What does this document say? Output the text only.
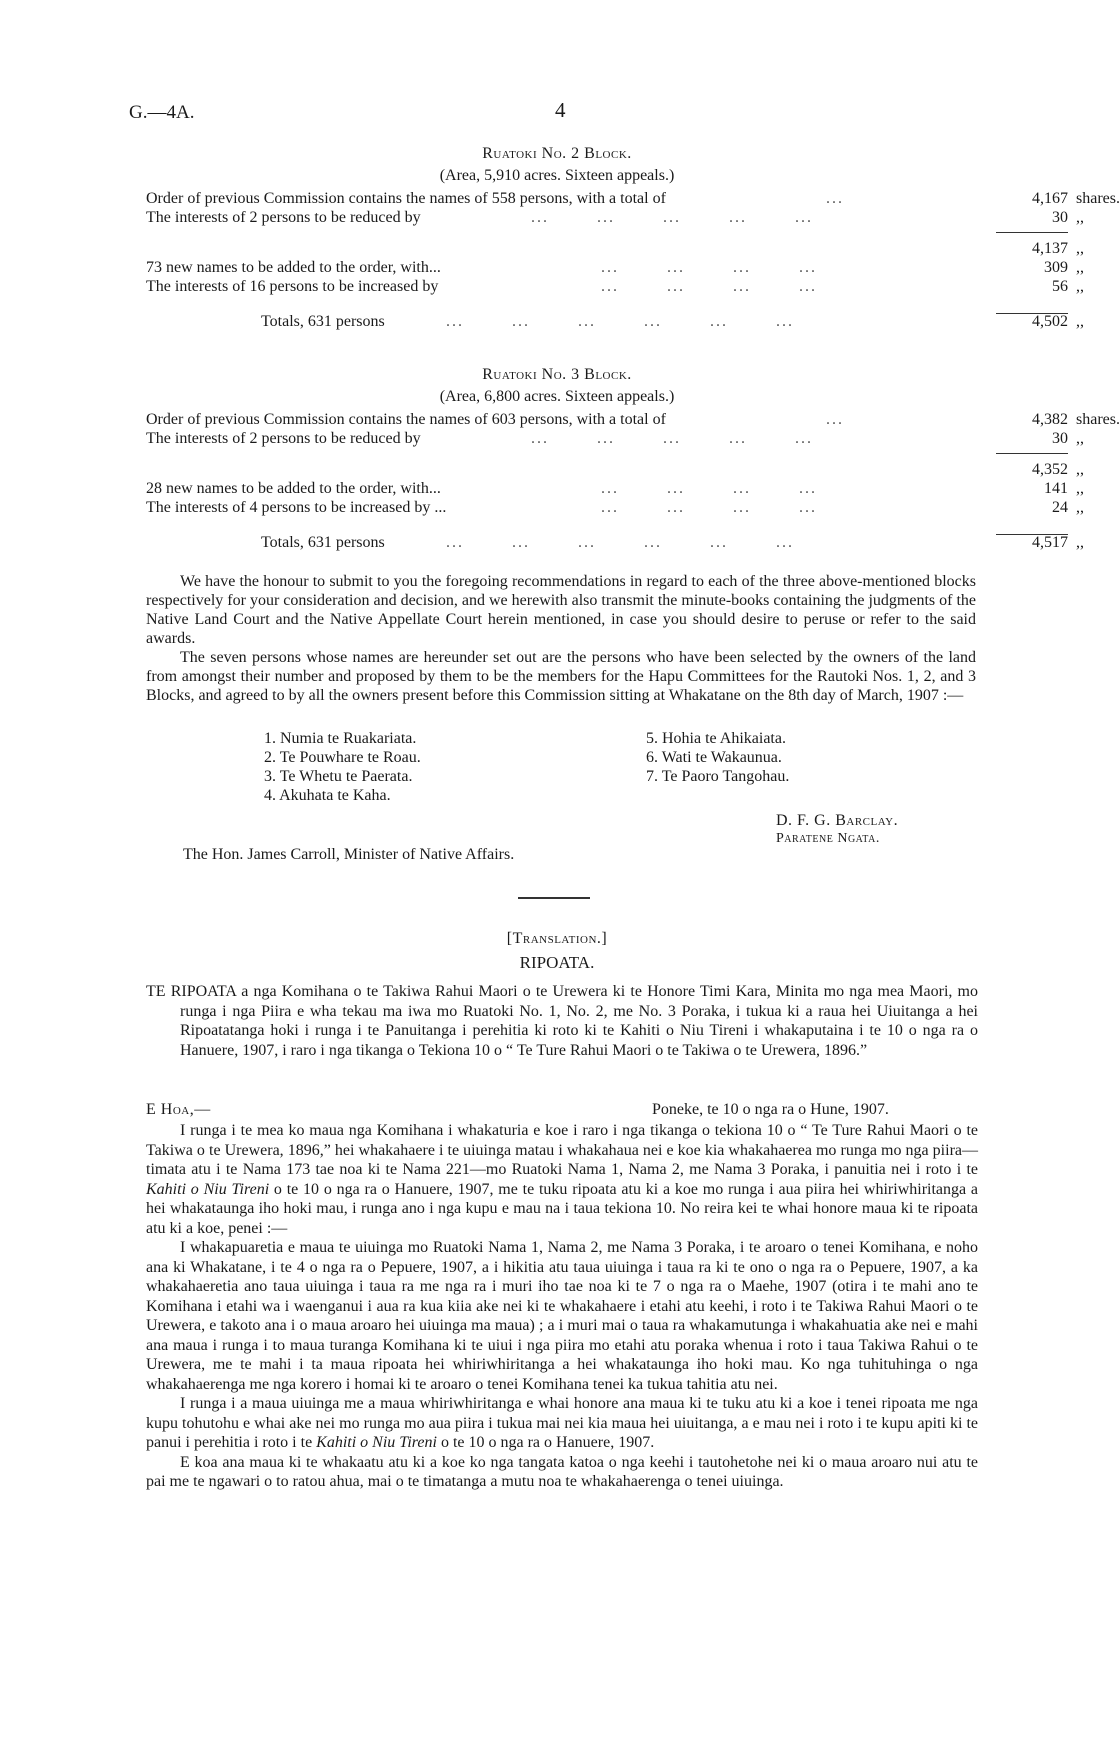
G.—4A.	4
Ruatoki No. 2 Block.
(Area, 5,910 acres. Sixteen appeals.)
Order of previous Commission contains the names of 558 persons, with a total of	...	4,167 shares.
The interests of 2 persons to be reduced by	...        ...        ...        ...        ...	30 ,,
4,137 ,,
73 new names to be added to the order, with...	...        ...        ...        ...	309 ,,
The interests of 16 persons to be increased by	...        ...        ...        ...	56 ,,
Totals, 631 persons	...        ...        ...        ...        ...        ...	4,502 ,,
Ruatoki No. 3 Block.
(Area, 6,800 acres. Sixteen appeals.)
Order of previous Commission contains the names of 603 persons, with a total of	...	4,382 shares.
The interests of 2 persons to be reduced by	...        ...        ...        ...        ...	30 ,,
4,352 ,,
28 new names to be added to the order, with...	...        ...        ...        ...	141 ,,
The interests of 4 persons to be increased by ...	...        ...        ...        ...	24 ,,
Totals, 631 persons	...        ...        ...        ...        ...        ...	4,517 ,,

We have the honour to submit to you the foregoing recommendations in regard to each of the three above-mentioned blocks respectively for your consideration and decision, and we herewith also transmit the minute-books containing the judgments of the Native Land Court and the Native Appellate Court herein mentioned, in case you should desire to peruse or refer to the said awards.

The seven persons whose names are hereunder set out are the persons who have been selected by the owners of the land from amongst their number and proposed by them to be the members for the Hapu Committees for the Rautoki Nos. 1, 2, and 3 Blocks, and agreed to by all the owners present before this Commission sitting at Whakatane on the 8th day of March, 1907 :—

1. Numia te Ruakariata.
2. Te Pouwhare te Roau.
3. Te Whetu te Paerata.
4. Akuhata te Kaha.
5. Hohia te Ahikaiata.
6. Wati te Wakaunua.
7. Te Paoro Tangohau.
D. F. G. Barclay.
Paratene Ngata.
The Hon. James Carroll, Minister of Native Affairs.
[Translation.]
RIPOATA.
TE RIPOATA a nga Komihana o te Takiwa Rahui Maori o te Urewera ki te Honore Timi Kara, Minita mo nga mea Maori, mo runga i nga Piira e wha tekau ma iwa mo Ruatoki No. 1, No. 2, me No. 3 Poraka, i tukua ki a raua hei Uiuitanga a hei Ripoatatanga hoki i runga i te Panuitanga i perehitia ki roto ki te Kahiti o Niu Tireni i whakaputaina i te 10 o nga ra o Hanuere, 1907, i raro i nga tikanga o Tekiona 10 o “ Te Ture Rahui Maori o te Takiwa o te Urewera, 1896.”
E Hoa,—	Poneke, te 10 o nga ra o Hune, 1907.

I runga i te mea ko maua nga Komihana i whakaturia e koe i raro i nga tikanga o tekiona 10 o “ Te Ture Rahui Maori o te Takiwa o te Urewera, 1896,” hei whakahaere i te uiuinga matau i whakahaua nei e koe kia whakahaerea mo runga mo nga piira—timata atu i te Nama 173 tae noa ki te Nama 221—mo Ruatoki Nama 1, Nama 2, me Nama 3 Poraka, i panuitia nei i roto i te Kahiti o Niu Tireni o te 10 o nga ra o Hanuere, 1907, me te tuku ripoata atu ki a koe mo runga i aua piira hei whiriwhiritanga a hei whakataunga iho hoki mau, i runga ano i nga kupu e mau na i taua tekiona 10. No reira kei te whai honore maua ki te ripoata atu ki a koe, penei :—

I whakapuaretia e maua te uiuinga mo Ruatoki Nama 1, Nama 2, me Nama 3 Poraka, i te aroaro o tenei Komihana, e noho ana ki Whakatane, i te 4 o nga ra o Pepuere, 1907, a i hikitia atu taua uiuinga i taua ra ki te ono o nga ra o Pepuere, 1907, a ka whakahaeretia ano taua uiuinga i taua ra me nga ra i muri iho tae noa ki te 7 o nga ra o Maehe, 1907 (otira i te mahi ano te Komihana i etahi wa i waenganui i aua ra kua kiia ake nei ki te whakahaere i etahi atu keehi, i roto i te Takiwa Rahui Maori o te Urewera, e takoto ana i o maua aroaro hei uiuinga ma maua) ; a i muri mai o taua ra whakamutunga i whakahuatia ake nei e mahi ana maua i runga i to maua turanga Komihana ki te uiui i nga piira mo etahi atu poraka whenua i roto i taua Takiwa Rahui o te Urewera, me te mahi i ta maua ripoata hei whiriwhiritanga a hei whakataunga iho hoki mau. Ko nga tuhituhinga o nga whakahaerenga me nga korero i homai ki te aroaro o tenei Komihana tenei ka tukua tahitia atu nei.

I runga i a maua uiuinga me a maua whiriwhiritanga e whai honore ana maua ki te tuku atu ki a koe i tenei ripoata me nga kupu tohutohu e whai ake nei mo runga mo aua piira i tukua mai nei kia maua hei uiuitanga, a e mau nei i roto i te kupu apiti ki te panui i perehitia i roto i te Kahiti o Niu Tireni o te 10 o nga ra o Hanuere, 1907.

E koa ana maua ki te whakaatu atu ki a koe ko nga tangata katoa o nga keehi i tautohetohe nei ki o maua aroaro nui atu te pai me te ngawari o to ratou ahua, mai o te timatanga a mutu noa te whakahaerenga o tenei uiuinga.
